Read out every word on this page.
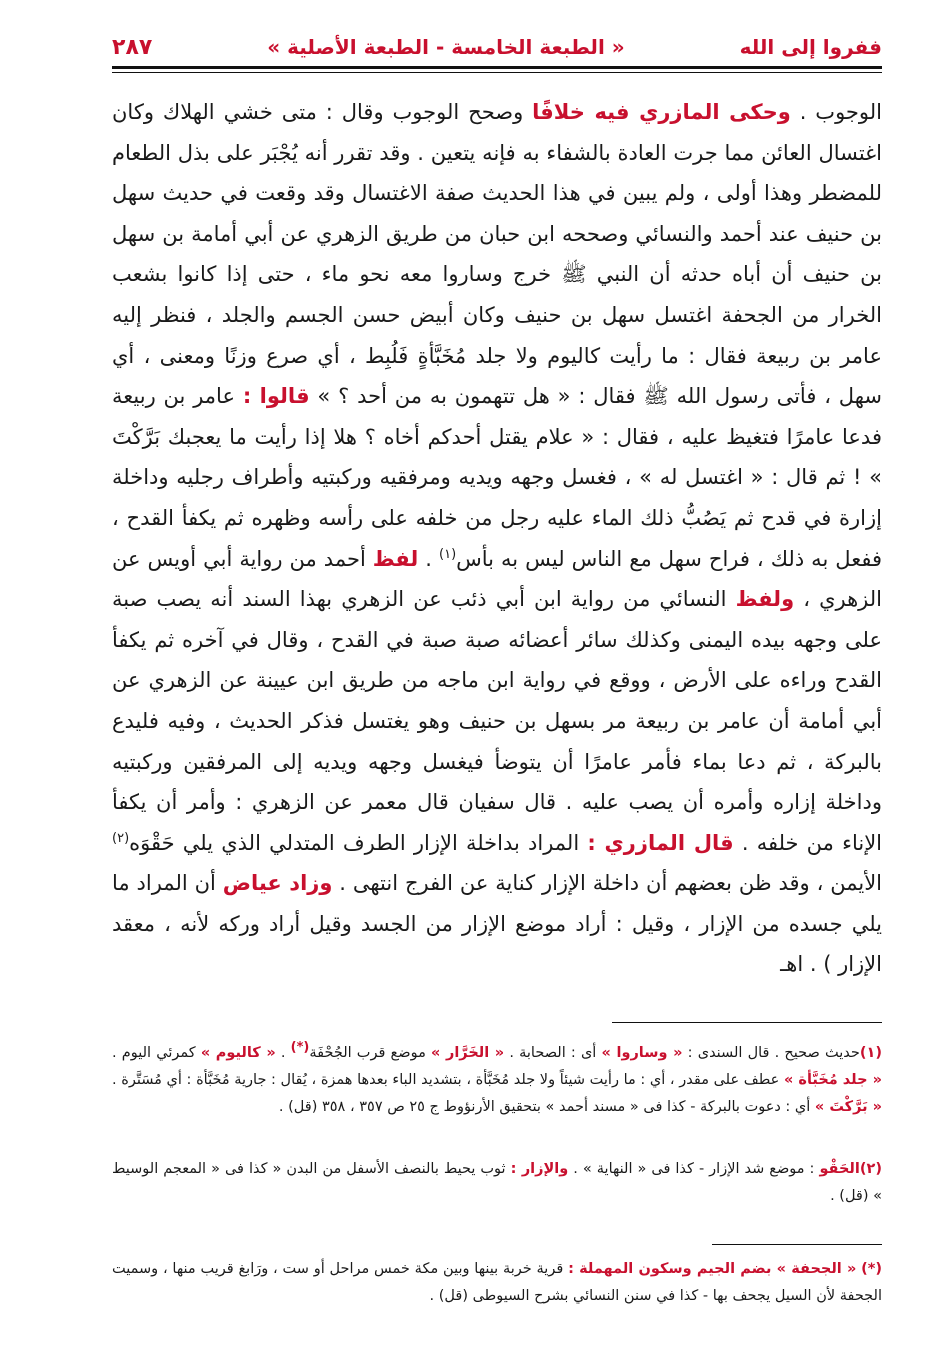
ففروا إلى الله
« الطبعة الخامسة - الطبعة الأصلية »
٢٨٧

الوجوب . وحكى المازري فيه خلافًا وصحح الوجوب وقال : متى خشي الهلاك وكان اغتسال العائن مما جرت العادة بالشفاء به فإنه يتعين . وقد تقرر أنه يُجْبَر على بذل الطعام للمضطر وهذا أولى ، ولم يبين في هذا الحديث صفة الاغتسال وقد وقعت في حديث سهل بن حنيف عند أحمد والنسائي وصححه ابن حبان من طريق الزهري عن أبي أمامة بن سهل بن حنيف أن أباه حدثه أن النبي ﷺ خرج وساروا معه نحو ماء ، حتى إذا كانوا بشعب الخرار من الجحفة اغتسل سهل بن حنيف وكان أبيض حسن الجسم والجلد ، فنظر إليه عامر بن ربيعة فقال : ما رأيت كاليوم ولا جلد مُخَبَّأةٍ فَلُبِط ، أي صرع وزنًا ومعنى ، أي سهل ، فأتى رسول الله ﷺ فقال : « هل تتهمون به من أحد ؟ » قالوا : عامر بن ربيعة فدعا عامرًا فتغيظ عليه ، فقال : « علام يقتل أحدكم أخاه ؟ هلا إذا رأيت ما يعجبك بَرَّكْتَ » ! ثم قال : « اغتسل له » ، فغسل وجهه ويديه ومرفقيه وركبتيه وأطراف رجليه وداخلة إزارة في قدح ثم يَصُبُّ ذلك الماء عليه رجل من خلفه على رأسه وظهره ثم يكفأ القدح ، ففعل به ذلك ، فراح سهل مع الناس ليس به بأس$^{(١)}$ . لفظ أحمد من رواية أبي أويس عن الزهري ، ولفظ النسائي من رواية ابن أبي ذئب عن الزهري بهذا السند أنه يصب صبة على وجهه بيده اليمنى وكذلك سائر أعضائه صبة صبة في القدح ، وقال في آخره ثم يكفأ القدح وراءه على الأرض ، ووقع في رواية ابن ماجه من طريق ابن عيينة عن الزهري عن أبي أمامة أن عامر بن ربيعة مر بسهل بن حنيف وهو يغتسل فذكر الحديث ، وفيه فليدع بالبركة ، ثم دعا بماء فأمر عامرًا أن يتوضأ فيغسل وجهه ويديه إلى المرفقين وركبتيه وداخلة إزاره وأمره أن يصب عليه . قال سفيان قال معمر عن الزهري : وأمر أن يكفأ الإناء من خلفه . قال المازري : المراد بداخلة الإزار الطرف المتدلي الذي يلي حَقْوَه$^{(٢)}$ الأيمن ، وقد ظن بعضهم أن داخلة الإزار كناية عن الفرج انتهى . وزاد عياض أن المراد ما يلي جسده من الإزار ، وقيل : أراد موضع الإزار من الجسد وقيل أراد وركه لأنه ، معقد الإزار ) . اهـ

(١)حديث صحيح . قال السندى : « وساروا » أى : الصحابة . « الخَرَّار » موضع قرب الجُحْفَة(*) . « كاليوم » كمرئي اليوم . « جلد مُخَبَّأة » عطف على مقدر ، أي : ما رأيت شيئاً ولا جلد مُخَبَّأة ، بتشديد الباء بعدها همزة ، يُقال : جارية مُخَبَّأة : أي مُسَتَّرة . « بَرَّكْتَ » أي : دعوت بالبركة - كذا فى « مسند أحمد » بتحقيق الأرنؤوط ج ٢٥ ص ٣٥٧ ، ٣٥٨ (قل) .

(٢)الحَقْو : موضع شد الإزار - كذا فى « النهاية » . والإزار : ثوب يحيط بالنصف الأسفل من البدن « كذا فى « المعجم الوسيط » (قل) .

(*) « الجحفة » بضم الجيم وسكون المهملة : قرية خربة بينها وبين مكة خمس مراحل أو ست ، ورَابغ قريب منها ، وسميت الجحفة لأن السيل يجحف بها - كذا في سنن النسائي بشرح السيوطى (قل) .
